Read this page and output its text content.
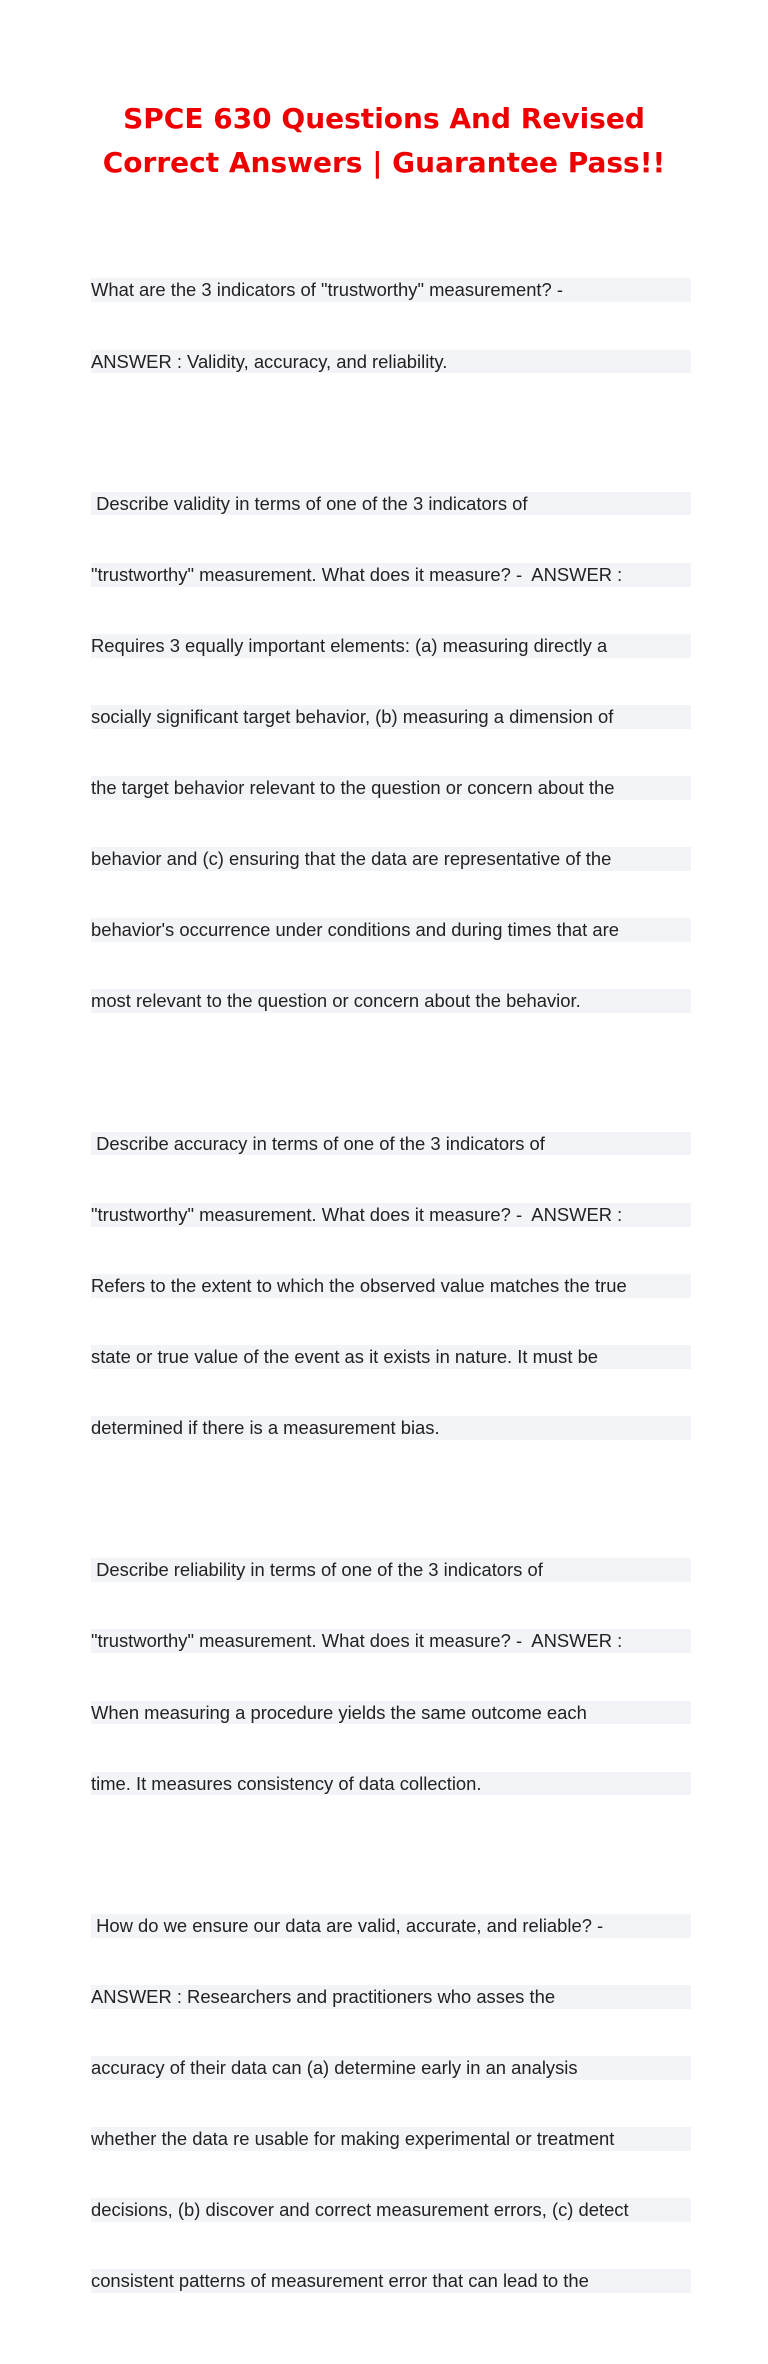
SPCE 630 Questions And Revised
Correct Answers | Guarantee Pass!!

What are the 3 indicators of "trustworthy" measurement? -

ANSWER : Validity, accuracy, and reliability.

Describe validity in terms of one of the 3 indicators of

"trustworthy" measurement. What does it measure? -  ANSWER :

Requires 3 equally important elements: (a) measuring directly a

socially significant target behavior, (b) measuring a dimension of

the target behavior relevant to the question or concern about the

behavior and (c) ensuring that the data are representative of the

behavior's occurrence under conditions and during times that are

most relevant to the question or concern about the behavior.

Describe accuracy in terms of one of the 3 indicators of

"trustworthy" measurement. What does it measure? -  ANSWER :

Refers to the extent to which the observed value matches the true

state or true value of the event as it exists in nature. It must be

determined if there is a measurement bias.

Describe reliability in terms of one of the 3 indicators of

"trustworthy" measurement. What does it measure? -  ANSWER :

When measuring a procedure yields the same outcome each

time. It measures consistency of data collection.

How do we ensure our data are valid, accurate, and reliable? -

ANSWER : Researchers and practitioners who asses the

accuracy of their data can (a) determine early in an analysis

whether the data re usable for making experimental or treatment

decisions, (b) discover and correct measurement errors, (c) detect

consistent patterns of measurement error that can lead to the
